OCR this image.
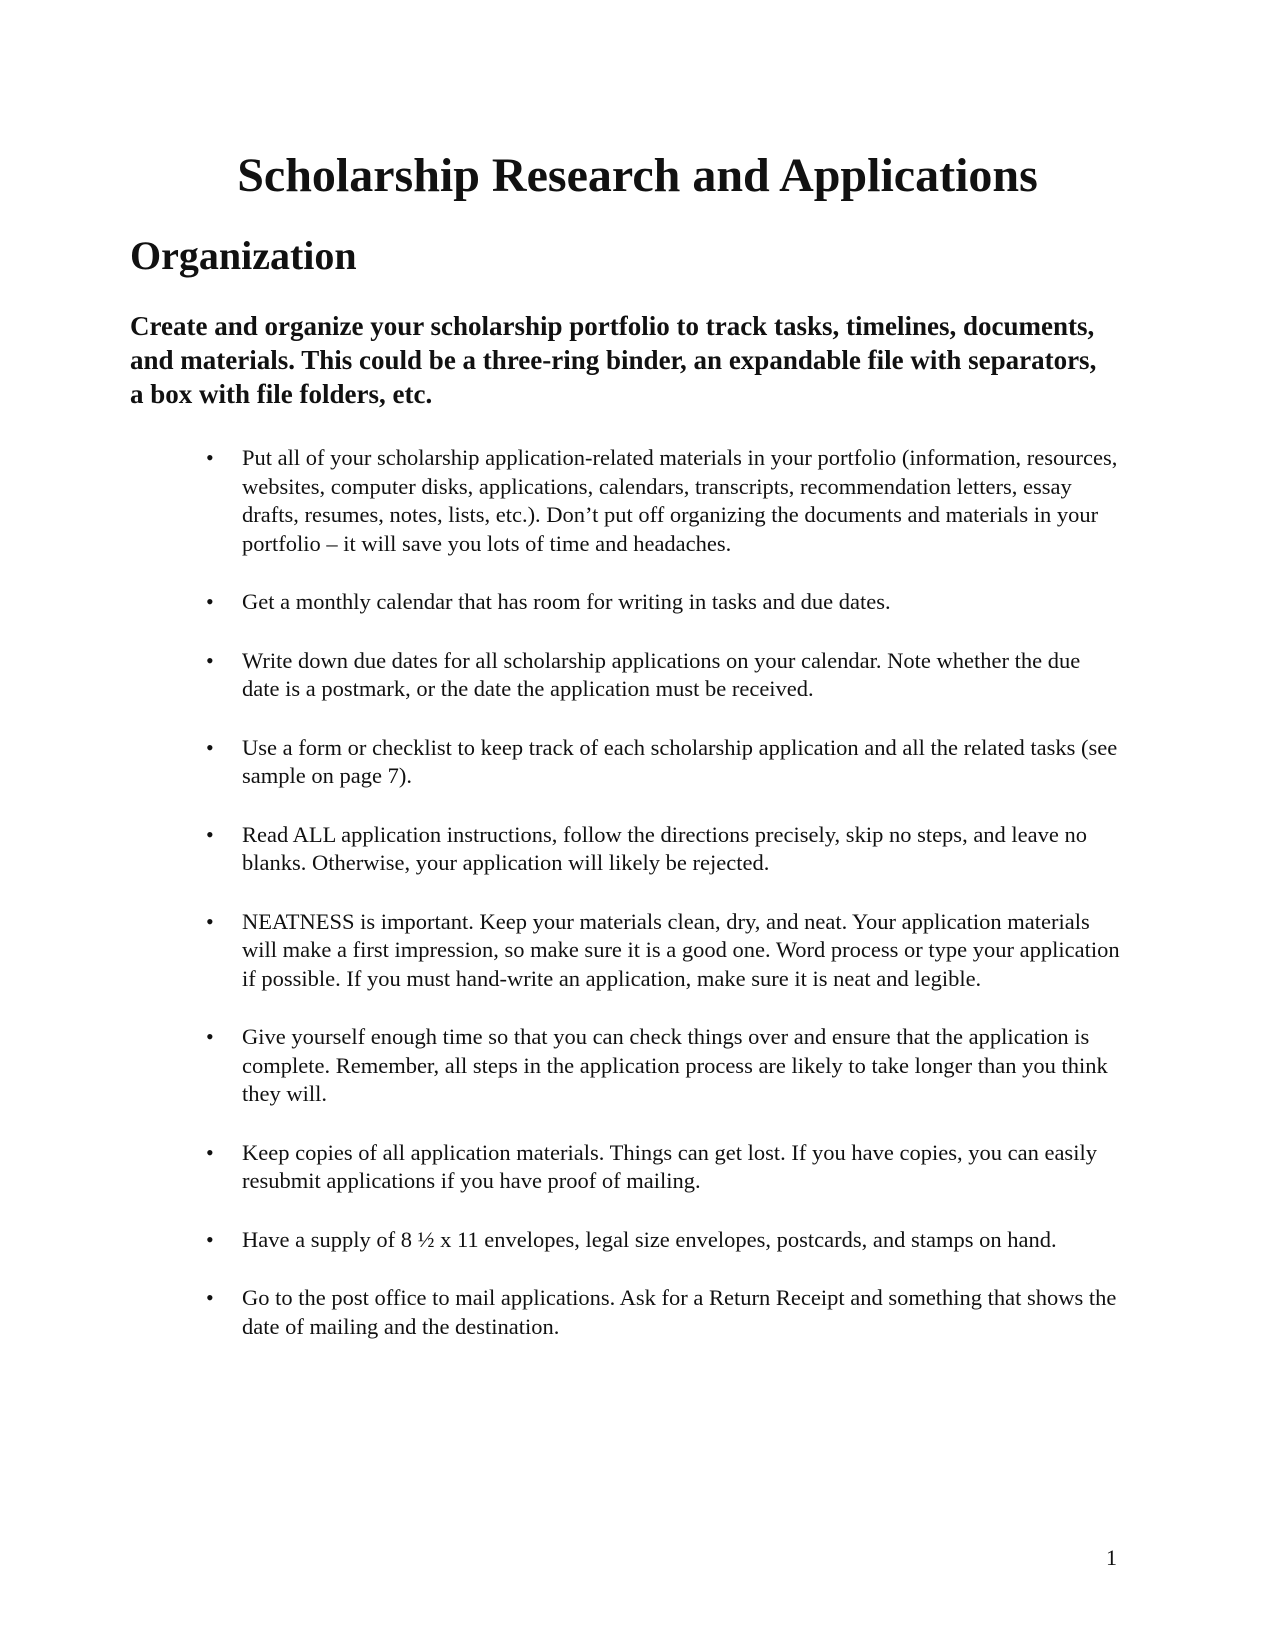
Scholarship Research and Applications
Organization

Create and organize your scholarship portfolio to track tasks, timelines, documents, and materials. This could be a three-ring binder, an expandable file with separators, a box with file folders, etc.

• Put all of your scholarship application-related materials in your portfolio (information, resources, websites, computer disks, applications, calendars, transcripts, recommendation letters, essay drafts, resumes, notes, lists, etc.). Don’t put off organizing the documents and materials in your portfolio – it will save you lots of time and headaches.
• Get a monthly calendar that has room for writing in tasks and due dates.
• Write down due dates for all scholarship applications on your calendar. Note whether the due date is a postmark, or the date the application must be received.
• Use a form or checklist to keep track of each scholarship application and all the related tasks (see sample on page 7).
• Read ALL application instructions, follow the directions precisely, skip no steps, and leave no blanks. Otherwise, your application will likely be rejected.
• NEATNESS is important. Keep your materials clean, dry, and neat. Your application materials will make a first impression, so make sure it is a good one. Word process or type your application if possible. If you must hand-write an application, make sure it is neat and legible.
• Give yourself enough time so that you can check things over and ensure that the application is complete. Remember, all steps in the application process are likely to take longer than you think they will.
• Keep copies of all application materials. Things can get lost. If you have copies, you can easily resubmit applications if you have proof of mailing.
• Have a supply of 8 ½ x 11 envelopes, legal size envelopes, postcards, and stamps on hand.
• Go to the post office to mail applications. Ask for a Return Receipt and something that shows the date of mailing and the destination.
1
